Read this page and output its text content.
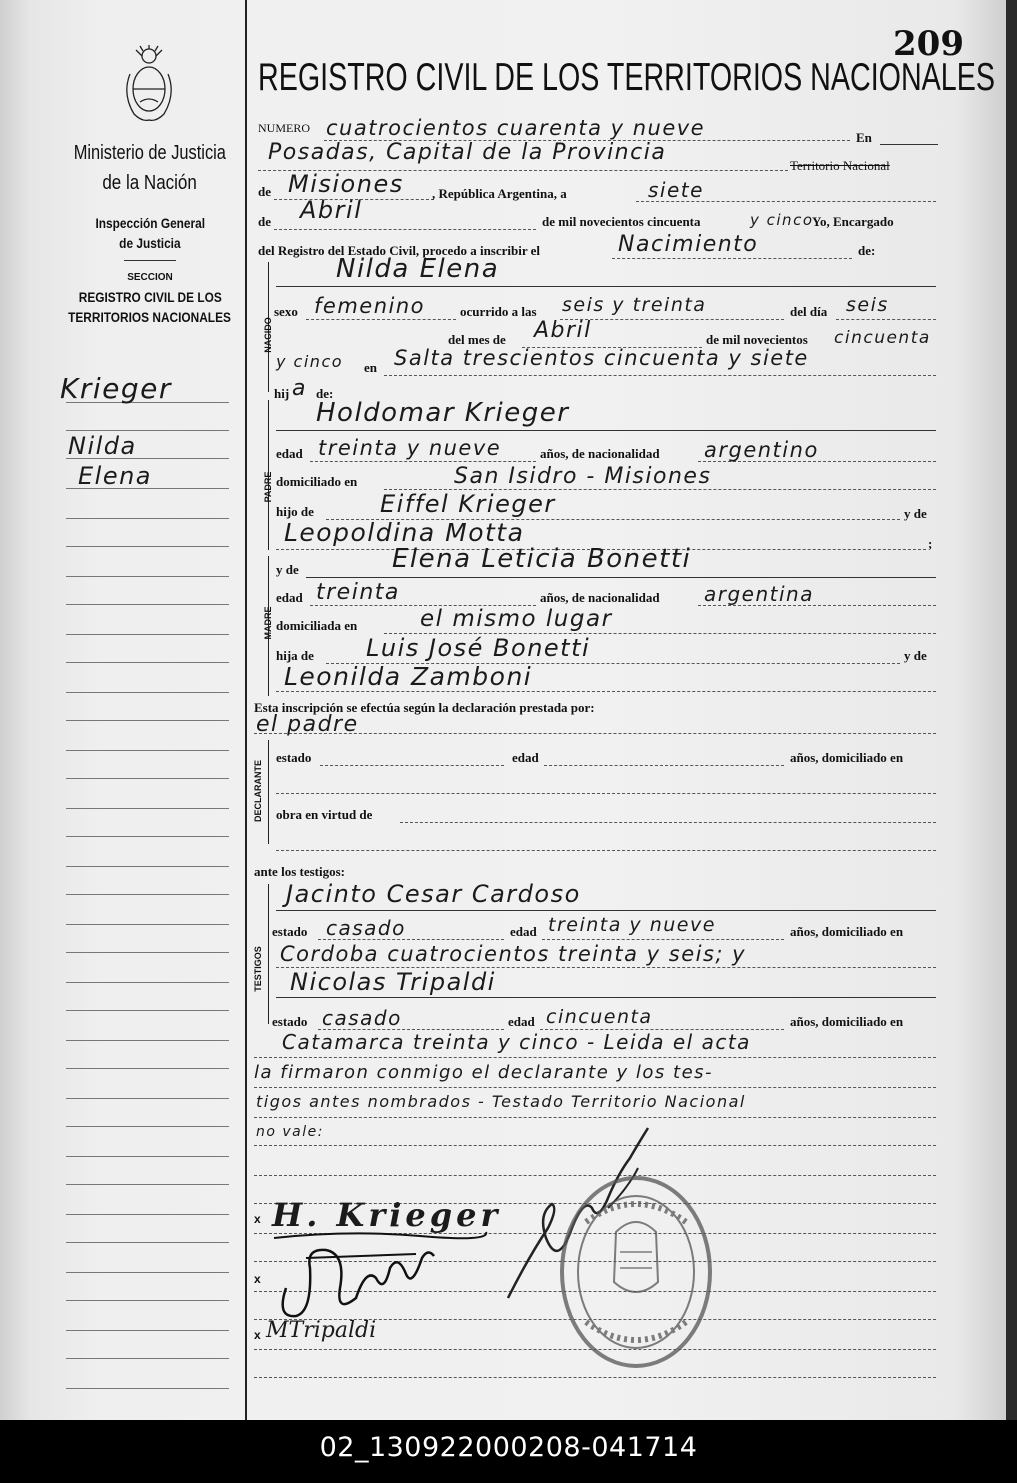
209
Ministerio de Justicia
de la Nación
Inspección General
de Justicia
SECCION
REGISTRO CIVIL DE LOS
TERRITORIOS NACIONALES
Krieger
Nilda
Elena
REGISTRO CIVIL DE LOS TERRITORIOS NACIONALES
NUMERO cuatrocientos cuarenta y nueve	En
Posadas, Capital de la Provincia
Territorio Nacional
de Misiones , República Argentina, a	siete
de Abril	de mil novecientos cincuenta	y cinco
Yo, Encargado
del Registro del Estado Civil, procedo a inscribir el	Nacimiento	de:
NACIDO
Nilda Elena
sexo femenino	ocurrido a las seis y treinta	del día seis
del mes de Abril	de mil novecientos cincuenta
y cinco en Salta trescientos cincuenta y siete
hij a de:
PADRE
Holdomar Krieger
edad treinta y nueve	años, de nacionalidad argentino
domiciliado en	San Isidro - Misiones
hijo de	Eiffel Krieger	y de
Leopoldina Motta	;
MADRE
y de	Elena Leticia Bonetti
edad treinta	años, de nacionalidad argentina
domiciliada en	el mismo lugar
hija de Luis José Bonetti	y de
Leonilda Zamboni
Esta inscripción se efectúa según la declaración prestada por:
el padre
DECLARANTE
estado	edad	años, domiciliado en
obra en virtud de
ante los testigos:
TESTIGOS
Jacinto Cesar Cardoso
estado casado	edad treinta y nueve	años, domiciliado en
Cordoba cuatrocientos treinta y seis; y
Nicolas Tripaldi
estado casado	edad cincuenta	años, domiciliado en
Catamarca treinta y cinco - Leida el acta
la firmaron conmigo el declarante y los tes-
tigos antes nombrados - Testado Territorio Nacional
no vale:
x
x
x
H. Krieger
MTripaldi
02_130922000208-041714
